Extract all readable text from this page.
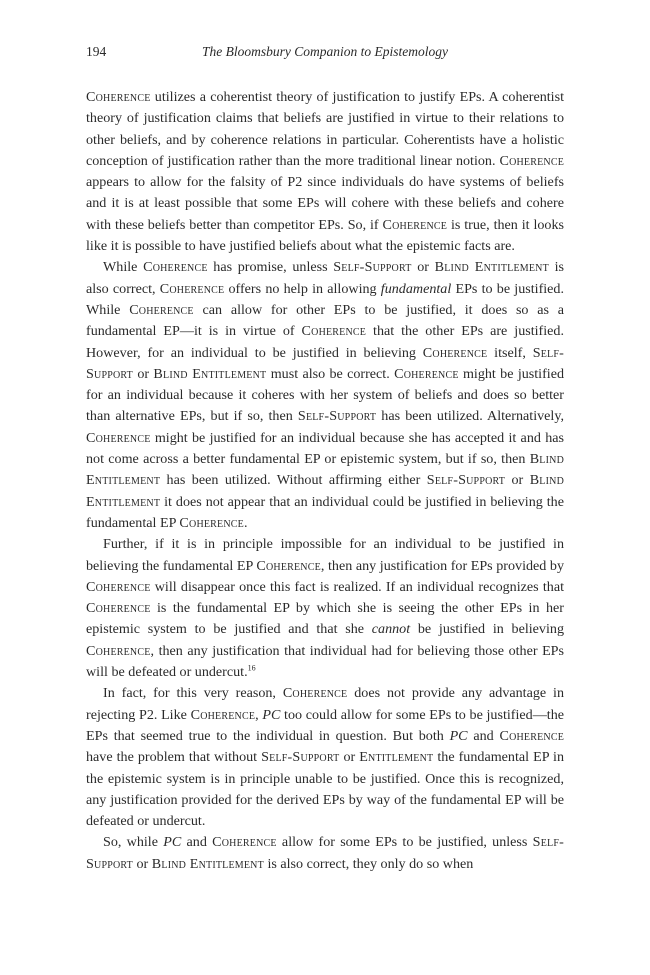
194	The Bloomsbury Companion to Epistemology

Coherence utilizes a coherentist theory of justification to justify EPs. A coherentist theory of justification claims that beliefs are justified in virtue to their relations to other beliefs, and by coherence relations in particular. Coherentists have a holistic conception of justification rather than the more traditional linear notion. Coherence appears to allow for the falsity of P2 since individuals do have systems of beliefs and it is at least possible that some EPs will cohere with these beliefs and cohere with these beliefs better than competitor EPs. So, if Coherence is true, then it looks like it is possible to have justified beliefs about what the epistemic facts are.

While Coherence has promise, unless Self-Support or Blind Entitlement is also correct, Coherence offers no help in allowing fundamental EPs to be justified. While Coherence can allow for other EPs to be justified, it does so as a fundamental EP—it is in virtue of Coherence that the other EPs are justified. However, for an individual to be justified in believing Coherence itself, Self-Support or Blind Entitlement must also be correct. Coherence might be justified for an individual because it coheres with her system of beliefs and does so better than alternative EPs, but if so, then Self-Support has been utilized. Alternatively, Coherence might be justified for an individual because she has accepted it and has not come across a better fundamental EP or epistemic system, but if so, then Blind Entitlement has been utilized. Without affirming either Self-Support or Blind Entitlement it does not appear that an individual could be justified in believing the fundamental EP Coherence.

Further, if it is in principle impossible for an individual to be justified in believing the fundamental EP Coherence, then any justification for EPs provided by Coherence will disappear once this fact is realized. If an individual recognizes that Coherence is the fundamental EP by which she is seeing the other EPs in her epistemic system to be justified and that she cannot be justified in believing Coherence, then any justification that individual had for believing those other EPs will be defeated or undercut.$^{16}$

In fact, for this very reason, Coherence does not provide any advantage in rejecting P2. Like Coherence, PC too could allow for some EPs to be justified—the EPs that seemed true to the individual in question. But both PC and Coherence have the problem that without Self-Support or Entitlement the fundamental EP in the epistemic system is in principle unable to be justified. Once this is recognized, any justification provided for the derived EPs by way of the fundamental EP will be defeated or undercut.

So, while PC and Coherence allow for some EPs to be justified, unless Self-Support or Blind Entitlement is also correct, they only do so when
